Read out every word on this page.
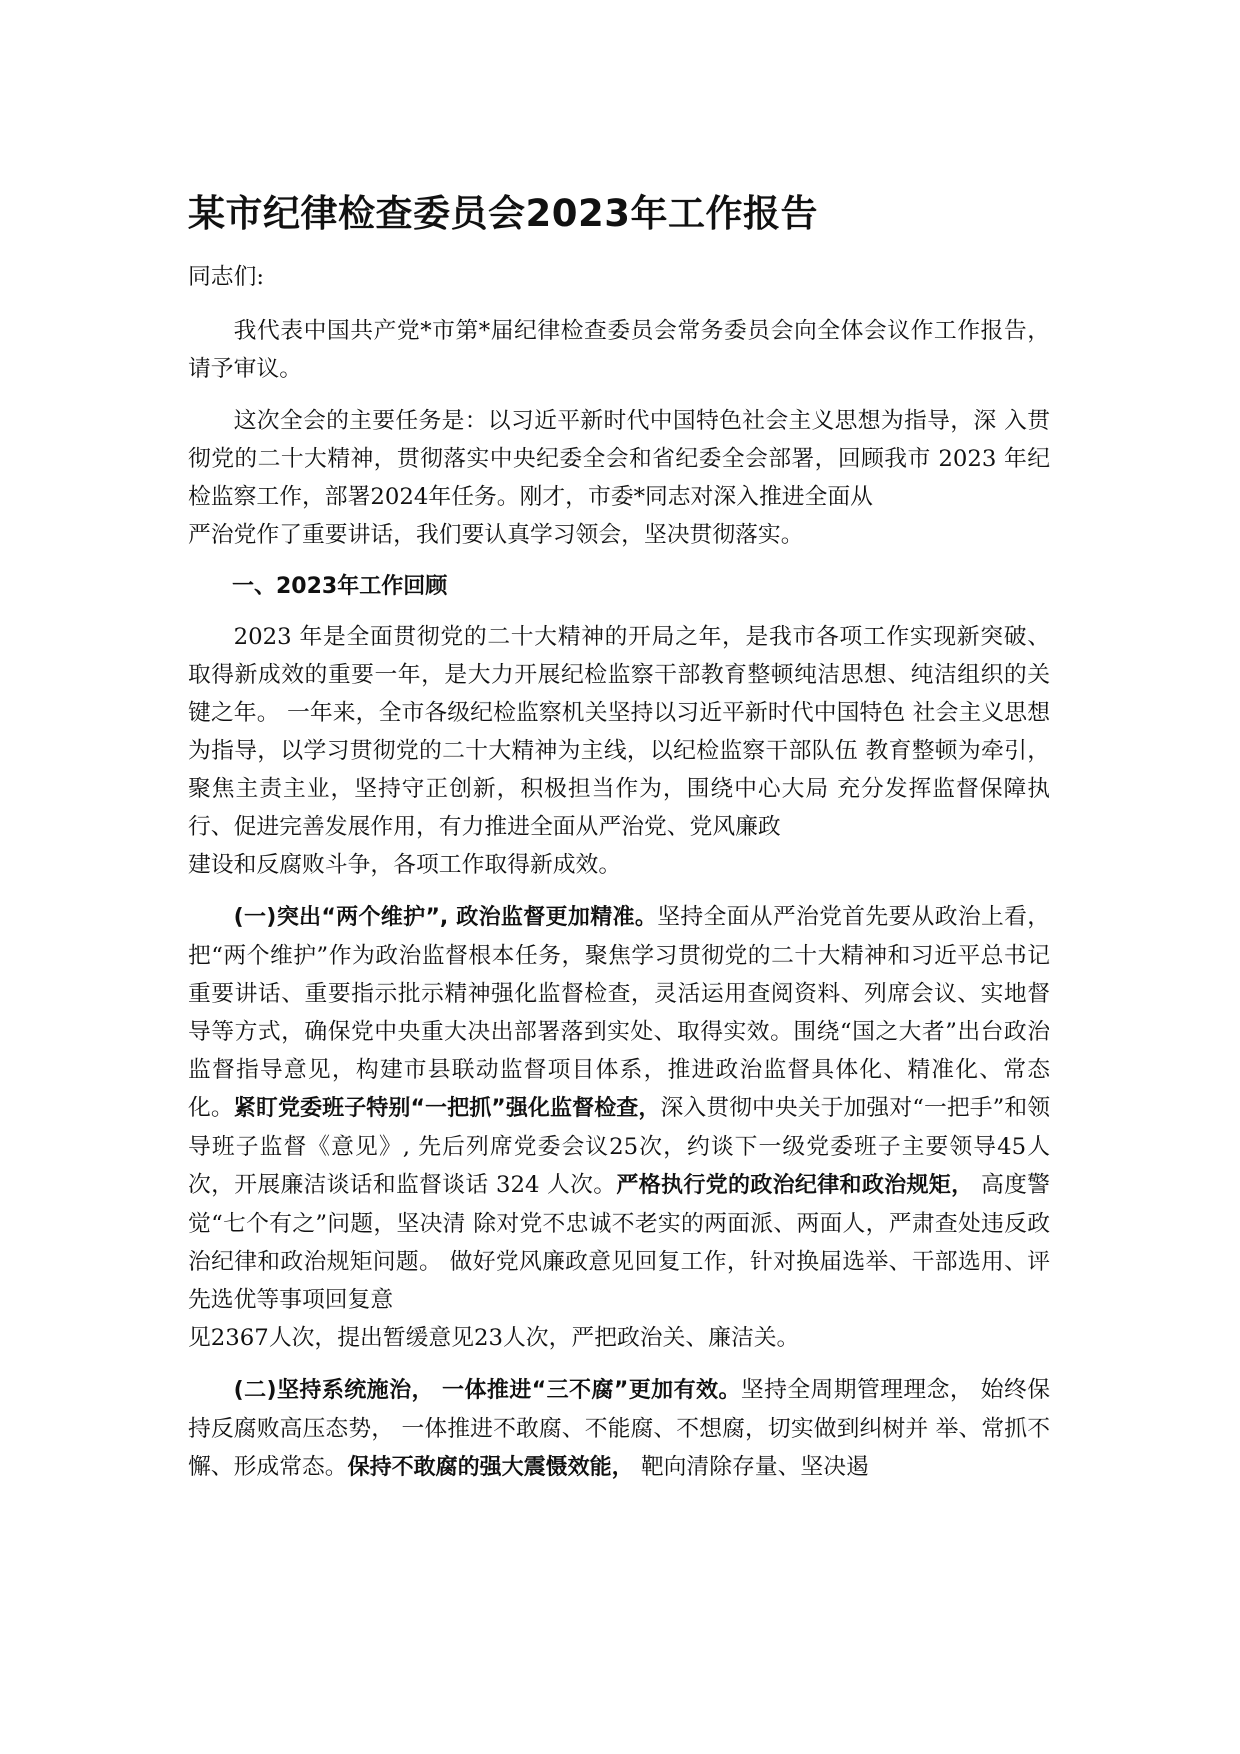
某市纪律检查委员会2023年工作报告

同志们:

我代表中国共产党*市第*届纪律检查委员会常务委员会向全体会议作工作报告，请予审议。

这次全会的主要任务是：以习近平新时代中国特色社会主义思想为指导，深 入贯彻党的二十大精神，贯彻落实中央纪委全会和省纪委全会部署，回顾我市 2023 年纪检监察工作，部署2024年任务。刚才，市委*同志对深入推进全面从

严治党作了重要讲话，我们要认真学习领会，坚决贯彻落实。

一、2023年工作回顾

2023 年是全面贯彻党的二十大精神的开局之年，是我市各项工作实现新突破、取得新成效的重要一年，是大力开展纪检监察干部教育整顿纯洁思想、纯洁组织的关键之年。 一年来，全市各级纪检监察机关坚持以习近平新时代中国特色 社会主义思想为指导，以学习贯彻党的二十大精神为主线，以纪检监察干部队伍 教育整顿为牵引，聚焦主责主业，坚持守正创新，积极担当作为，围绕中心大局 充分发挥监督保障执行、促进完善发展作用，有力推进全面从严治党、党风廉政

建设和反腐败斗争，各项工作取得新成效。

(一)突出“两个维护”, 政治监督更加精准。坚持全面从严治党首先要从政治上看，把“两个维护”作为政治监督根本任务，聚焦学习贯彻党的二十大精神和习近平总书记重要讲话、重要指示批示精神强化监督检查，灵活运用查阅资料、列席会议、实地督导等方式，确保党中央重大决出部署落到实处、取得实效。围绕“国之大者”出台政治监督指导意见，构建市县联动监督项目体系，推进政治监督具体化、精准化、常态化。紧盯党委班子特别“一把抓”强化监督检查，深入贯彻中央关于加强对“一把手”和领导班子监督《意见》, 先后列席党委会议25次，约谈下一级党委班子主要领导45人次，开展廉洁谈话和监督谈话 324 人次。严格执行党的政治纪律和政治规矩， 高度警觉“七个有之”问题，坚决清 除对党不忠诚不老实的两面派、两面人，严肃查处违反政治纪律和政治规矩问题。 做好党风廉政意见回复工作，针对换届选举、干部选用、评先选优等事项回复意

见2367人次，提出暂缓意见23人次，严把政治关、廉洁关。

(二)坚持系统施治， 一体推进“三不腐”更加有效。坚持全周期管理理念， 始终保持反腐败高压态势， 一体推进不敢腐、不能腐、不想腐，切实做到纠树并 举、常抓不懈、形成常态。保持不敢腐的强大震慑效能， 靶向清除存量、坚决遏
